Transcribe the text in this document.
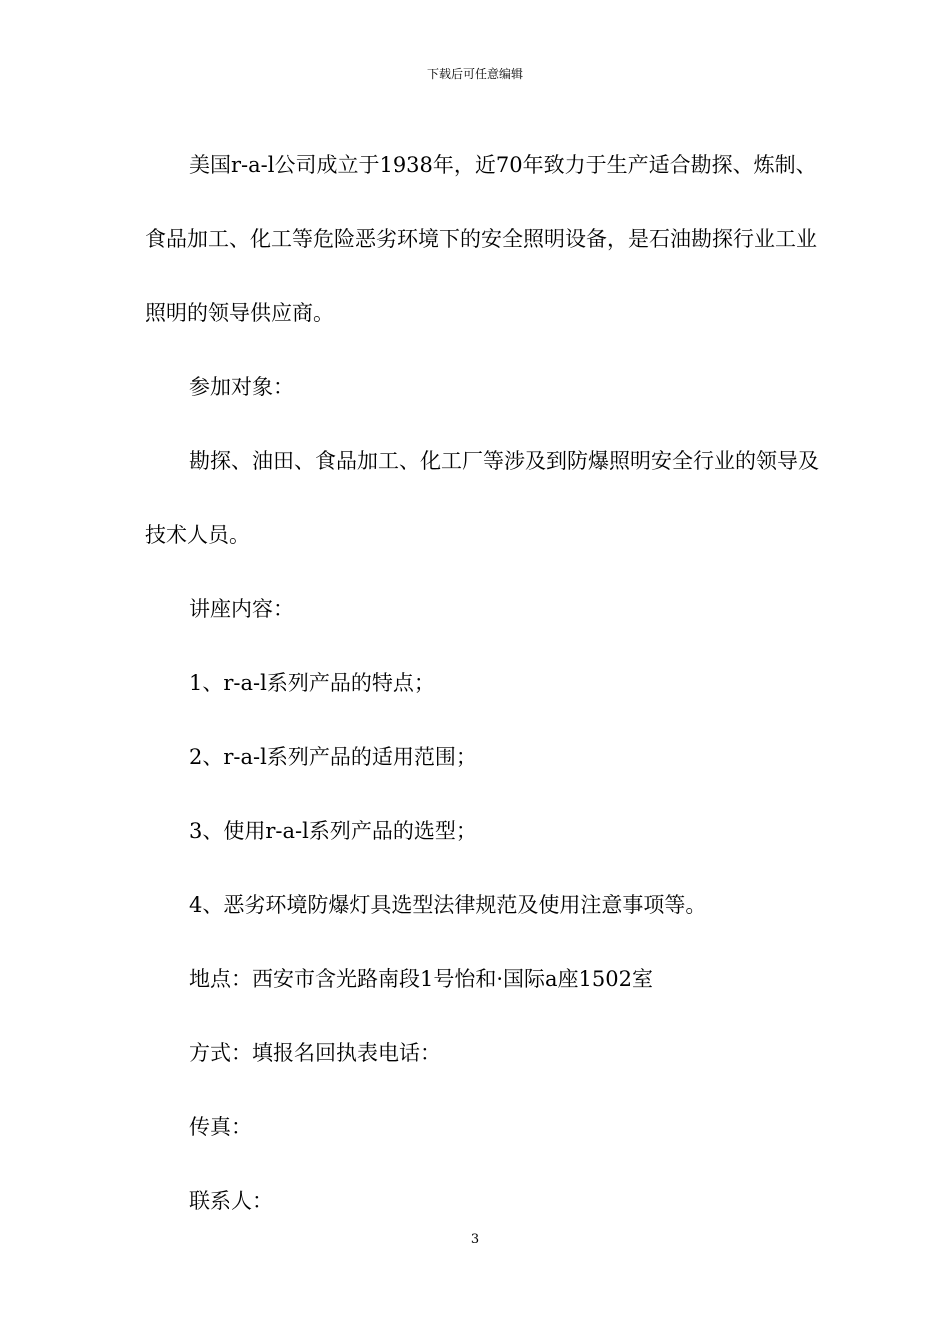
下载后可任意编辑

美国r-a-l公司成立于1938年，近70年致力于生产适合勘探、炼制、食品加工、化工等危险恶劣环境下的安全照明设备，是石油勘探行业工业照明的领导供应商。

参加对象：

勘探、油田、食品加工、化工厂等涉及到防爆照明安全行业的领导及技术人员。

讲座内容：

1、r-a-l系列产品的特点；

2、r-a-l系列产品的适用范围；

3、使用r-a-l系列产品的选型；

4、恶劣环境防爆灯具选型法律规范及使用注意事项等。

地点：西安市含光路南段1号怡和·国际a座1502室

方式：填报名回执表电话：

传真：

联系人：

3
